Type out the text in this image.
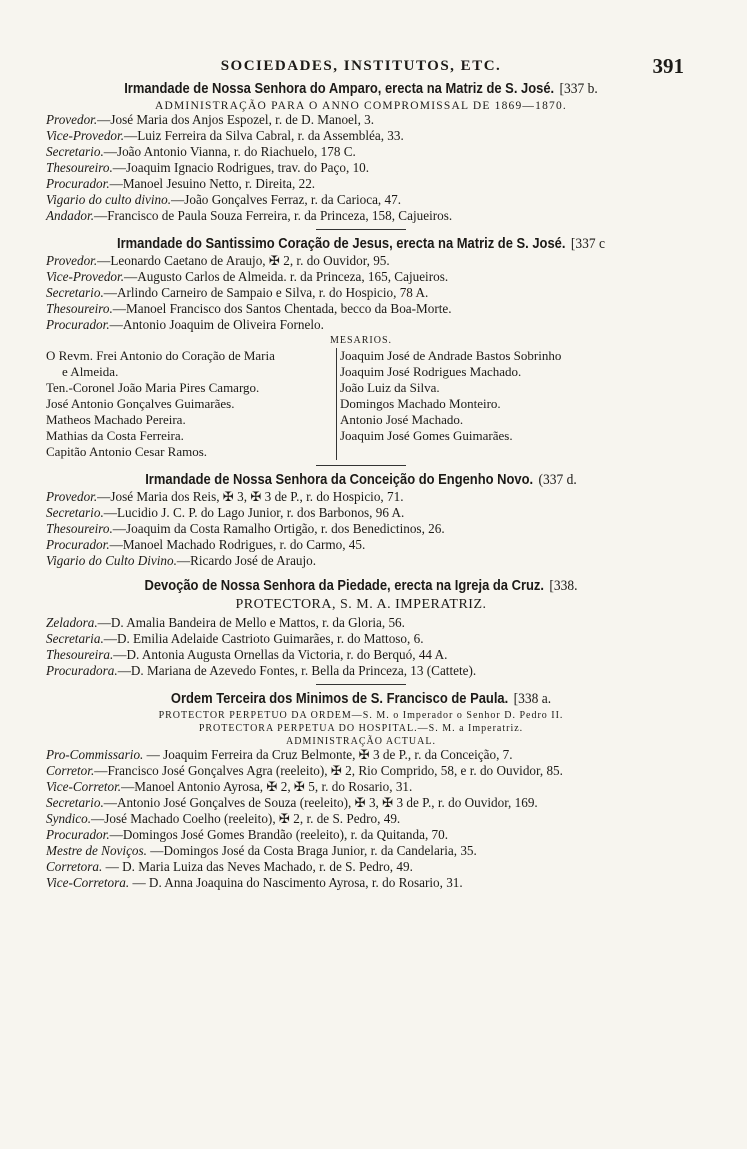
SOCIEDADES, INSTITUTOS, ETC.	391
Irmandade de Nossa Senhora do Amparo, erecta na Matriz de S. José. [337 b.
ADMINISTRAÇÃO PARA O ANNO COMPROMISSAL DE 1869—1870.
Provedor.—José Maria dos Anjos Espozel, r. de D. Manoel, 3.
Vice-Provedor.—Luiz Ferreira da Silva Cabral, r. da Assembléa, 33.
Secretario.—João Antonio Vianna, r. do Riachuelo, 178 C.
Thesoureiro.—Joaquim Ignacio Rodrigues, trav. do Paço, 10.
Procurador.—Manoel Jesuino Netto, r. Direita, 22.
Vigario do culto divino.—João Gonçalves Ferraz, r. da Carioca, 47.
Andador.—Francisco de Paula Souza Ferreira, r. da Princeza, 158, Cajueiros.
Irmandade do Santissimo Coração de Jesus, erecta na Matriz de S. José. [337 c
Provedor.—Leonardo Caetano de Araujo, ✠ 2, r. do Ouvidor, 95.
Vice-Provedor.—Augusto Carlos de Almeida. r. da Princeza, 165, Cajueiros.
Secretario.—Arlindo Carneiro de Sampaio e Silva, r. do Hospicio, 78 A.
Thesoureiro.—Manoel Francisco dos Santos Chentada, becco da Boa-Morte.
Procurador.—Antonio Joaquim de Oliveira Fornelo.
MESARIOS.
O Revm. Frei Antonio do Coração de Maria
e Almeida.
Ten.-Coronel João Maria Pires Camargo.
José Antonio Gonçalves Guimarães.
Matheos Machado Pereira.
Mathias da Costa Ferreira.
Capitão Antonio Cesar Ramos.
Joaquim José de Andrade Bastos Sobrinho
Joaquim José Rodrigues Machado.
João Luiz da Silva.
Domingos Machado Monteiro.
Antonio José Machado.
Joaquim José Gomes Guimarães.
Irmandade de Nossa Senhora da Conceição do Engenho Novo. (337 d.
Provedor.—José Maria dos Reis, ✠ 3, ✠ 3 de P., r. do Hospicio, 71.
Secretario.—Lucidio J. C. P. do Lago Junior, r. dos Barbonos, 96 A.
Thesoureiro.—Joaquim da Costa Ramalho Ortigão, r. dos Benedictinos, 26.
Procurador.—Manoel Machado Rodrigues, r. do Carmo, 45.
Vigario do Culto Divino.—Ricardo José de Araujo.
Devoção de Nossa Senhora da Piedade, erecta na Igreja da Cruz. [338.
PROTECTORA, S. M. A. IMPERATRIZ.
Zeladora.—D. Amalia Bandeira de Mello e Mattos, r. da Gloria, 56.
Secretaria.—D. Emilia Adelaide Castrioto Guimarães, r. do Mattoso, 6.
Thesoureira.—D. Antonia Augusta Ornellas da Victoria, r. do Berquó, 44 A.
Procuradora.—D. Mariana de Azevedo Fontes, r. Bella da Princeza, 13 (Cattete).
Ordem Terceira dos Minimos de S. Francisco de Paula. [338 a.
PROTECTOR PERPETUO DA ORDEM—S. M. o Imperador o Senhor D. Pedro II.
PROTECTORA PERPETUA DO HOSPITAL.—S. M. a Imperatriz.
ADMINISTRAÇÃO ACTUAL.
Pro-Commissario. — Joaquim Ferreira da Cruz Belmonte, ✠ 3 de P., r. da Conceição, 7.
Corretor.—Francisco José Gonçalves Agra (reeleito), ✠ 2, Rio Comprido, 58, e r. do Ouvidor, 85.
Vice-Corretor.—Manoel Antonio Ayrosa, ✠ 2, ✠ 5, r. do Rosario, 31.
Secretario.—Antonio José Gonçalves de Souza (reeleito), ✠ 3, ✠ 3 de P., r. do Ouvidor, 169.
Syndico.—José Machado Coelho (reeleito), ✠ 2, r. de S. Pedro, 49.
Procurador.—Domingos José Gomes Brandão (reeleito), r. da Quitanda, 70.
Mestre de Noviços. —Domingos José da Costa Braga Junior, r. da Candelaria, 35.
Corretora. — D. Maria Luiza das Neves Machado, r. de S. Pedro, 49.
Vice-Corretora. — D. Anna Joaquina do Nascimento Ayrosa, r. do Rosario, 31.
